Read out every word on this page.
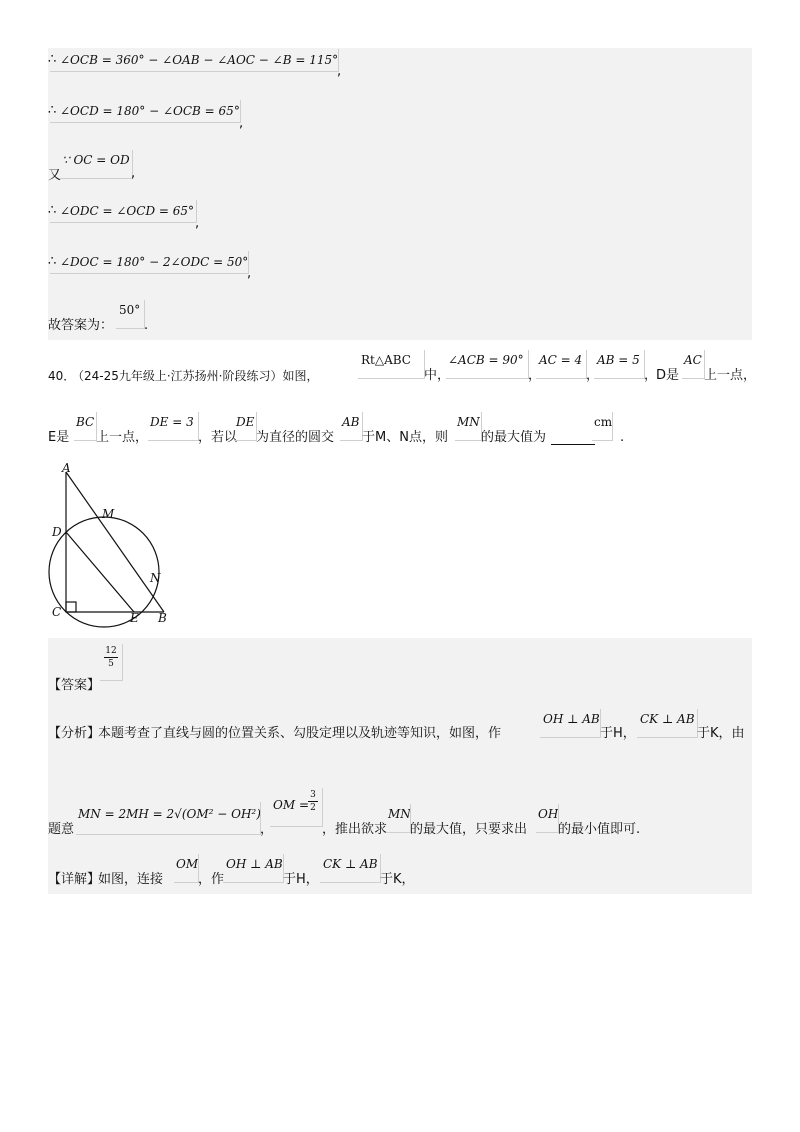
∴ ∠OCB = 360° − ∠OAB − ∠AOC − ∠B = 115°
,
∴ ∠OCD = 180° − ∠OCB = 65°
,
又
∵ OC = OD
,
∴ ∠ODC = ∠OCD = 65°
,
∴ ∠DOC = 180° − 2∠ODC = 50°
,
故答案为：
50°
.
40．
（24-25九年级上·江苏扬州·阶段练习）如图，
Rt△ABC
中，
∠ACB = 90°
，
AC = 4
，
AB = 5
，
D是
AC
上一点，
E是
BC
上一点，
DE = 3
，若以
DE
为直径的圆交
AB
于M、N点，则
MN
的最大值为
cm
.
A
D
C	E B
M
N
12
5
【答案】
【分析】
本题考查了直线与圆的位置关系、勾股定理以及轨迹等知识，如图，作
OH ⊥ AB
于H，
CK ⊥ AB
于K，由
题意
MN = 2MH = 2√(OM² − OH²)
，
OM =
3
2
，推出欲求
MN
的最大值，只要求出
OH
的最小值即可.
【详解】
如图，连接
OM
，作
OH ⊥ AB
于H，
CK ⊥ AB
于K，
